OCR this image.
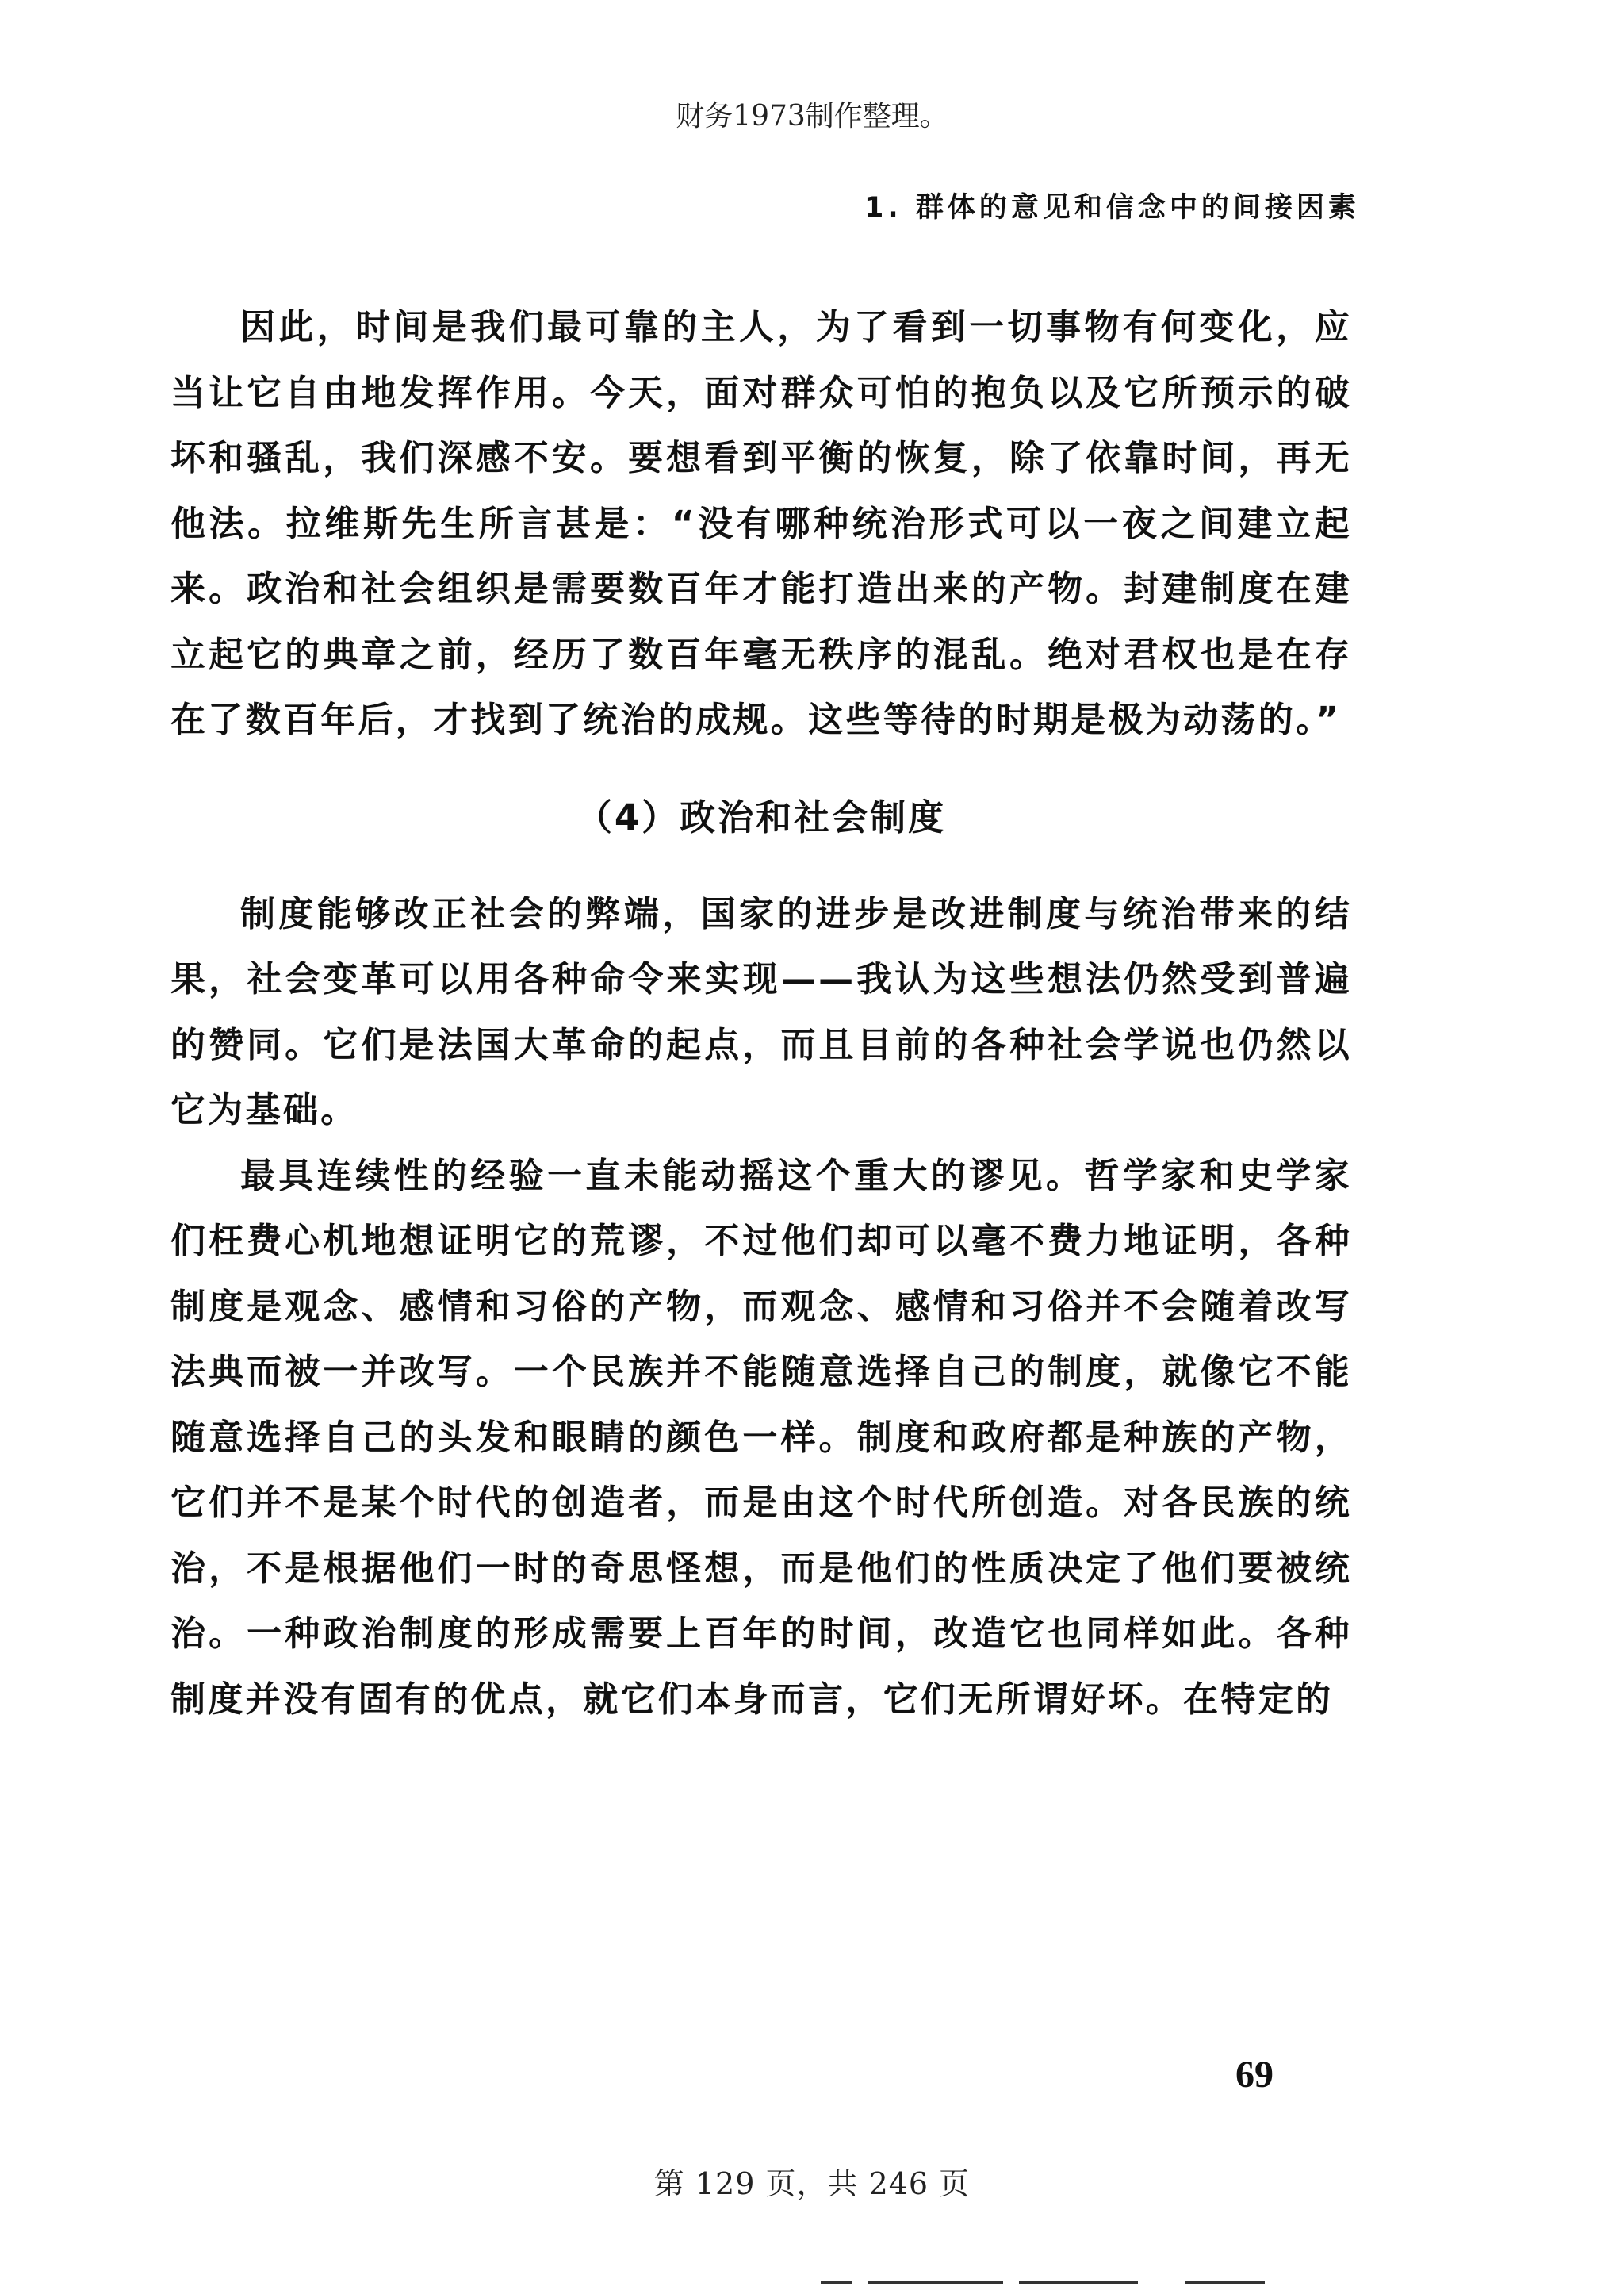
财务1973制作整理。

1. 群体的意见和信念中的间接因素

因此，时间是我们最可靠的主人，为了看到一切事物有何变化，应当让它自由地发挥作用。今天，面对群众可怕的抱负以及它所预示的破坏和骚乱，我们深感不安。要想看到平衡的恢复，除了依靠时间，再无他法。拉维斯先生所言甚是：“没有哪种统治形式可以一夜之间建立起来。政治和社会组织是需要数百年才能打造出来的产物。封建制度在建立起它的典章之前，经历了数百年毫无秩序的混乱。绝对君权也是在存在了数百年后，才找到了统治的成规。这些等待的时期是极为动荡的。”

（4）政治和社会制度

制度能够改正社会的弊端，国家的进步是改进制度与统治带来的结果，社会变革可以用各种命令来实现——我认为这些想法仍然受到普遍的赞同。它们是法国大革命的起点，而且目前的各种社会学说也仍然以它为基础。

最具连续性的经验一直未能动摇这个重大的谬见。哲学家和史学家们枉费心机地想证明它的荒谬，不过他们却可以毫不费力地证明，各种制度是观念、感情和习俗的产物，而观念、感情和习俗并不会随着改写法典而被一并改写。一个民族并不能随意选择自己的制度，就像它不能随意选择自己的头发和眼睛的颜色一样。制度和政府都是种族的产物，它们并不是某个时代的创造者，而是由这个时代所创造。对各民族的统治，不是根据他们一时的奇思怪想，而是他们的性质决定了他们要被统治。一种政治制度的形成需要上百年的时间，改造它也同样如此。各种制度并没有固有的优点，就它们本身而言，它们无所谓好坏。在特定的

69

第 129 页，共 246 页
